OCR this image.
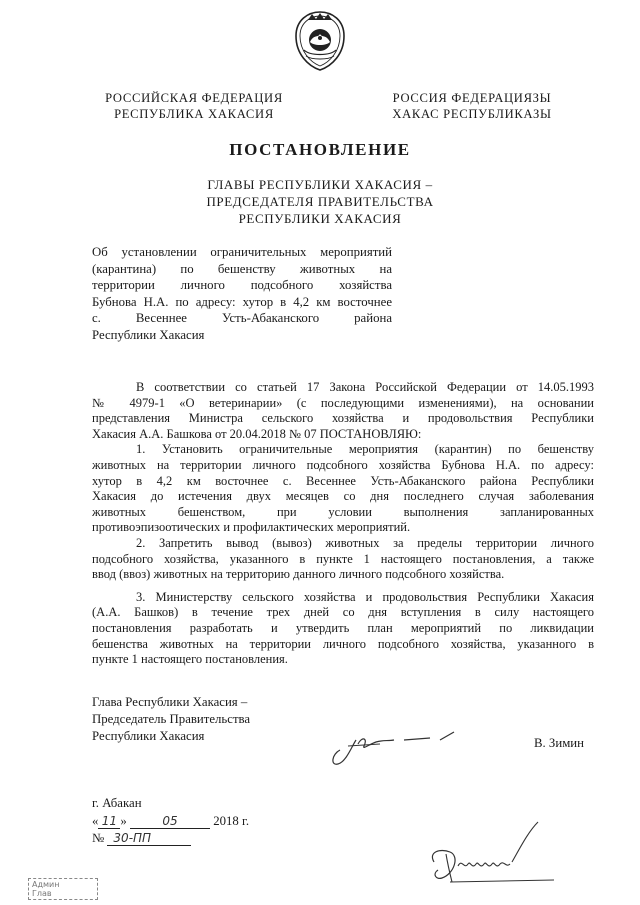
РОССИЙСКАЯ ФЕДЕРАЦИЯ
РЕСПУБЛИКА ХАКАСИЯ
РОССИЯ ФЕДЕРАЦИЯЗЫ
ХАКАС РЕСПУБЛИКАЗЫ
ПОСТАНОВЛЕНИЕ
ГЛАВЫ РЕСПУБЛИКИ ХАКАСИЯ –
ПРЕДСЕДАТЕЛЯ ПРАВИТЕЛЬСТВА
РЕСПУБЛИКИ ХАКАСИЯ
Об установлении ограничительных мероприятий
(карантина) по бешенству животных на
территории личного подсобного хозяйства
Бубнова Н.А. по адресу: хутор в 4,2 км восточнее
с. Весеннее Усть-Абаканского района
Республики Хакасия
В соответствии со статьей 17 Закона Российской Федерации от 14.05.1993
№ 4979-1 «О ветеринарии» (с последующими изменениями), на основании
представления Министра сельского хозяйства и продовольствия Республики
Хакасия А.А. Башкова от 20.04.2018 № 07 ПОСТАНОВЛЯЮ:
1. Установить ограничительные мероприятия (карантин) по бешенству
животных на территории личного подсобного хозяйства Бубнова Н.А. по адресу:
хутор в 4,2 км восточнее с. Весеннее Усть-Абаканского района Республики
Хакасия до истечения двух месяцев со дня последнего случая заболевания
животных бешенством, при условии выполнения запланированных
противоэпизоотических и профилактических мероприятий.
2. Запретить вывод (вывоз) животных за пределы территории личного
подсобного хозяйства, указанного в пункте 1 настоящего постановления, а также
ввод (ввоз) животных на территорию данного личного подсобного хозяйства.
3. Министерству сельского хозяйства и продовольствия Республики Хакасия
(А.А. Башков) в течение трех дней со дня вступления в силу настоящего
постановления разработать и утвердить план мероприятий по ликвидации
бешенства животных на территории личного подсобного хозяйства, указанного в
пункте 1 настоящего постановления.
Глава Республики Хакасия –
Председатель Правительства
Республики Хакасия	В. Зимин
г. Абакан
« 11 »	05	2018 г.
№ 30-ПП
Админ
Глав
